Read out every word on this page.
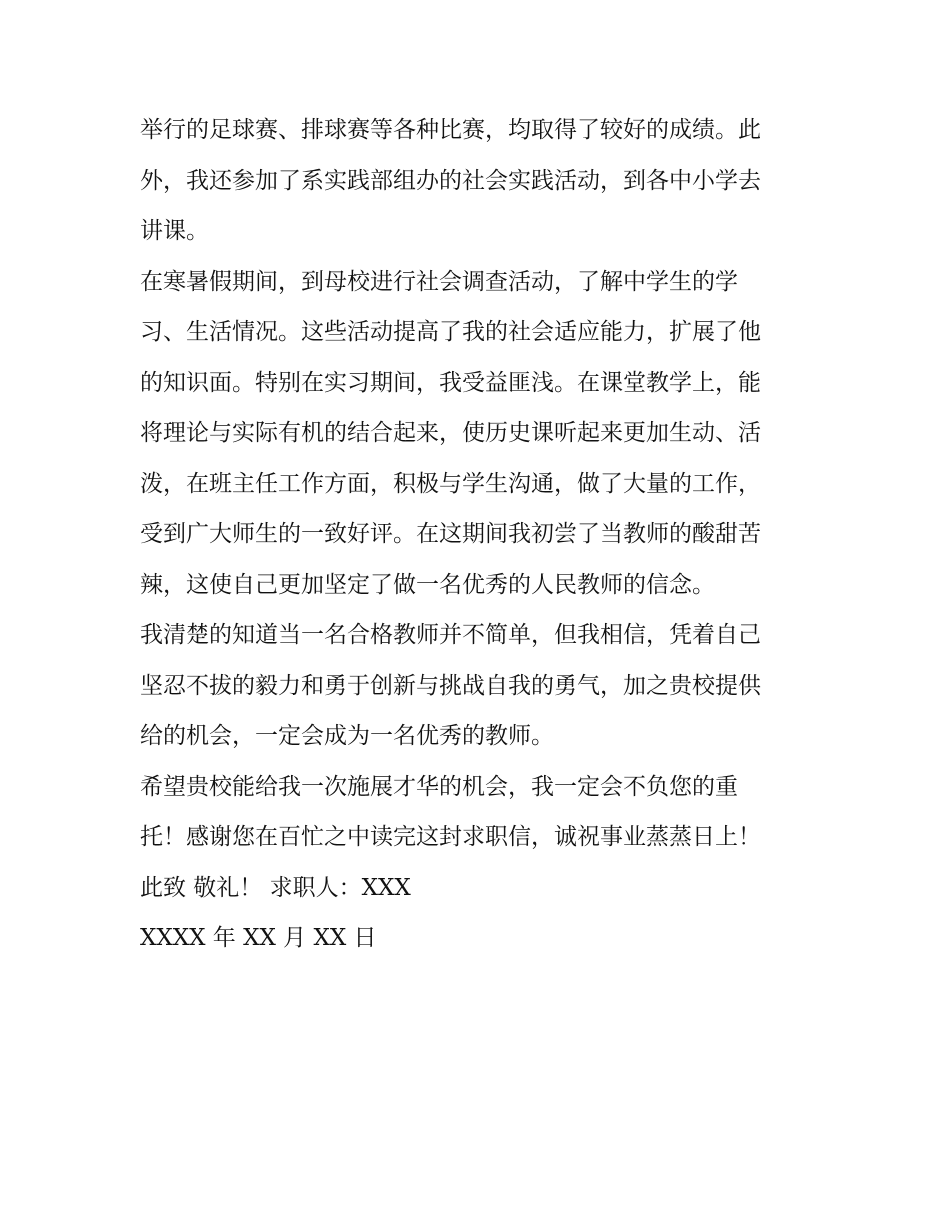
举行的足球赛、排球赛等各种比赛，均取得了较好的成绩。此
外，我还参加了系实践部组办的社会实践活动，到各中小学去
讲课。
在寒暑假期间，到母校进行社会调查活动，了解中学生的学
习、生活情况。这些活动提高了我的社会适应能力，扩展了他
的知识面。特别在实习期间，我受益匪浅。在课堂教学上，能
将理论与实际有机的结合起来，使历史课听起来更加生动、活
泼，在班主任工作方面，积极与学生沟通，做了大量的工作，
受到广大师生的一致好评。在这期间我初尝了当教师的酸甜苦
辣，这使自己更加坚定了做一名优秀的人民教师的信念。
我清楚的知道当一名合格教师并不简单，但我相信，凭着自己
坚忍不拔的毅力和勇于创新与挑战自我的勇气，加之贵校提供
给的机会，一定会成为一名优秀的教师。
希望贵校能给我一次施展才华的机会，我一定会不负您的重
托！感谢您在百忙之中读完这封求职信，诚祝事业蒸蒸日上！
此致 敬礼！ 求职人：XXX
XXXX 年 XX 月 XX 日
